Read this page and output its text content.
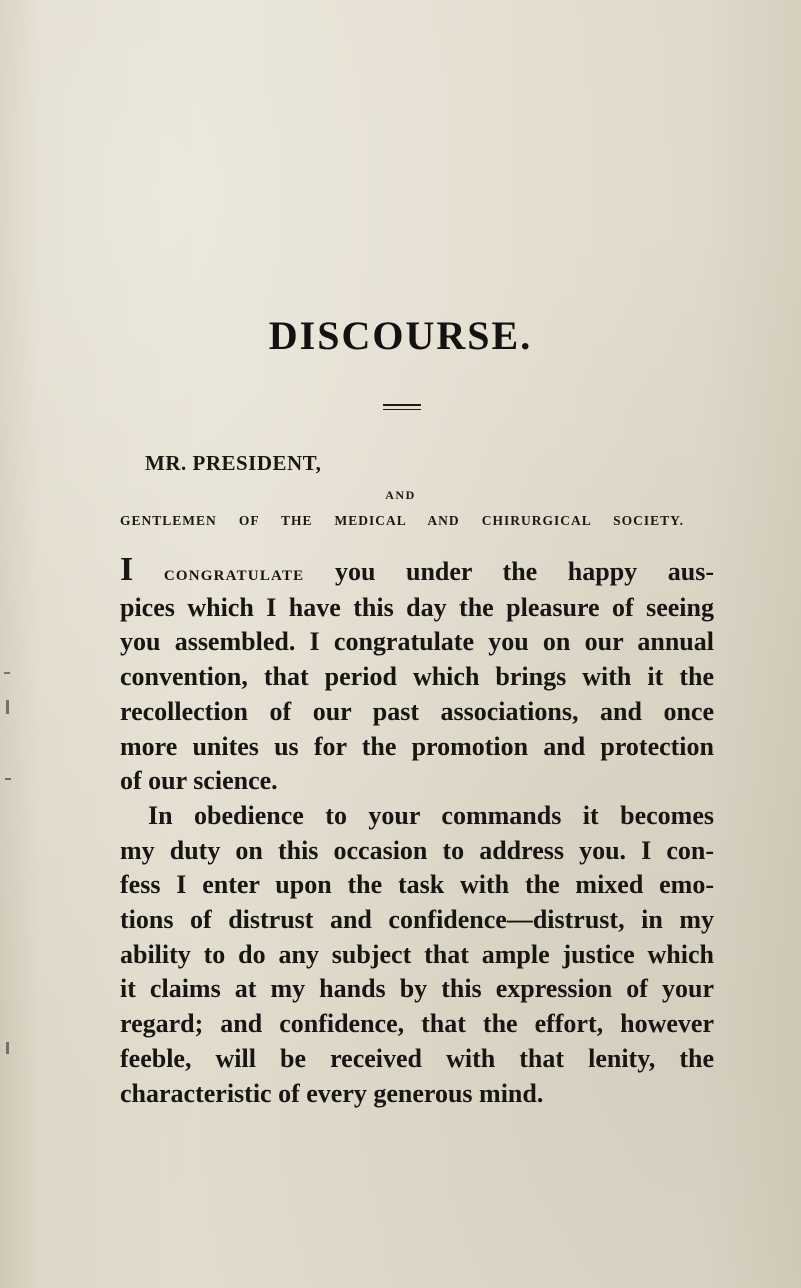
DISCOURSE.
MR. PRESIDENT,
AND
GENTLEMEN OF THE MEDICAL AND CHIRURGICAL SOCIETY.
I congratulate you under the happy aus-
pices which I have this day the pleasure of seeing
you assembled. I congratulate you on our annual
convention, that period which brings with it the
recollection of our past associations, and once
more unites us for the promotion and protection
of our science.
In obedience to your commands it becomes
my duty on this occasion to address you. I con-
fess I enter upon the task with the mixed emo-
tions of distrust and confidence—distrust, in my
ability to do any subject that ample justice which
it claims at my hands by this expression of your
regard; and confidence, that the effort, however
feeble, will be received with that lenity, the
characteristic of every generous mind.
